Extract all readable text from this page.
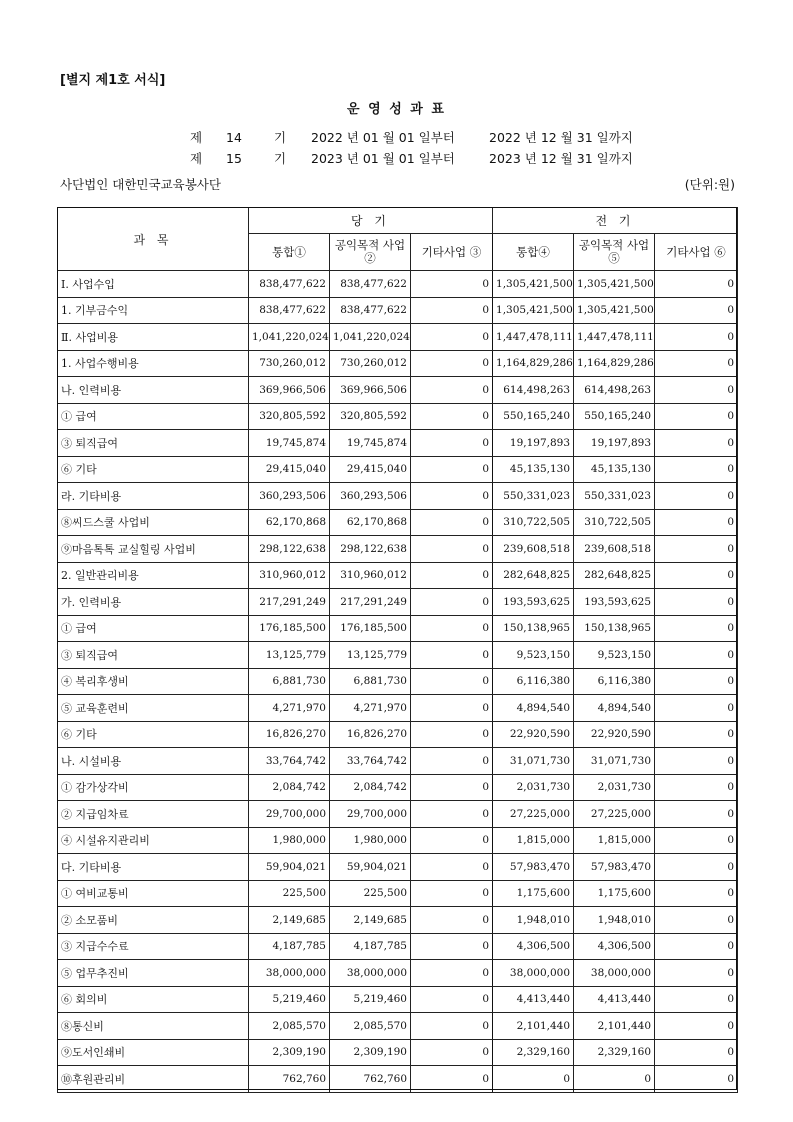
[별지 제1호 서식]
운 영 성 과 표
제 14	기 2022 년 01 월 01 일부터	2022 년 12 월 31 일까지
제 15	기 2023 년 01 월 01 일부터	2023 년 12 월 31 일까지
사단법인 대한민국교육봉사단	(단위:원)
과 목	당 기			전 기		
	통합①	공익목적 사업②	기타사업 ③	통합④	공익목적 사업⑤	기타사업 ⑥
Ⅰ. 사업수입	838,477,622	838,477,622	0	1,305,421,500	1,305,421,500	0
1. 기부금수익	838,477,622	838,477,622	0	1,305,421,500	1,305,421,500	0
Ⅱ. 사업비용	1,041,220,024	1,041,220,024	0	1,447,478,111	1,447,478,111	0
1. 사업수행비용	730,260,012	730,260,012	0	1,164,829,286	1,164,829,286	0
나. 인력비용	369,966,506	369,966,506	0	614,498,263	614,498,263	0
① 급여	320,805,592	320,805,592	0	550,165,240	550,165,240	0
③ 퇴직급여	19,745,874	19,745,874	0	19,197,893	19,197,893	0
⑥ 기타	29,415,040	29,415,040	0	45,135,130	45,135,130	0
라. 기타비용	360,293,506	360,293,506	0	550,331,023	550,331,023	0
⑧씨드스쿨 사업비	62,170,868	62,170,868	0	310,722,505	310,722,505	0
⑨마음톡톡 교실힐링 사업비	298,122,638	298,122,638	0	239,608,518	239,608,518	0
2. 일반관리비용	310,960,012	310,960,012	0	282,648,825	282,648,825	0
가. 인력비용	217,291,249	217,291,249	0	193,593,625	193,593,625	0
① 급여	176,185,500	176,185,500	0	150,138,965	150,138,965	0
③ 퇴직급여	13,125,779	13,125,779	0	9,523,150	9,523,150	0
④ 복리후생비	6,881,730	6,881,730	0	6,116,380	6,116,380	0
⑤ 교육훈련비	4,271,970	4,271,970	0	4,894,540	4,894,540	0
⑥ 기타	16,826,270	16,826,270	0	22,920,590	22,920,590	0
나. 시설비용	33,764,742	33,764,742	0	31,071,730	31,071,730	0
① 감가상각비	2,084,742	2,084,742	0	2,031,730	2,031,730	0
② 지급임차료	29,700,000	29,700,000	0	27,225,000	27,225,000	0
④ 시설유지관리비	1,980,000	1,980,000	0	1,815,000	1,815,000	0
다. 기타비용	59,904,021	59,904,021	0	57,983,470	57,983,470	0
① 여비교통비	225,500	225,500	0	1,175,600	1,175,600	0
② 소모품비	2,149,685	2,149,685	0	1,948,010	1,948,010	0
③ 지급수수료	4,187,785	4,187,785	0	4,306,500	4,306,500	0
⑤ 업무추진비	38,000,000	38,000,000	0	38,000,000	38,000,000	0
⑥ 회의비	5,219,460	5,219,460	0	4,413,440	4,413,440	0
⑧통신비	2,085,570	2,085,570	0	2,101,440	2,101,440	0
⑨도서인쇄비	2,309,190	2,309,190	0	2,329,160	2,329,160	0
⑩후원관리비	762,760	762,760	0	0	0	0
